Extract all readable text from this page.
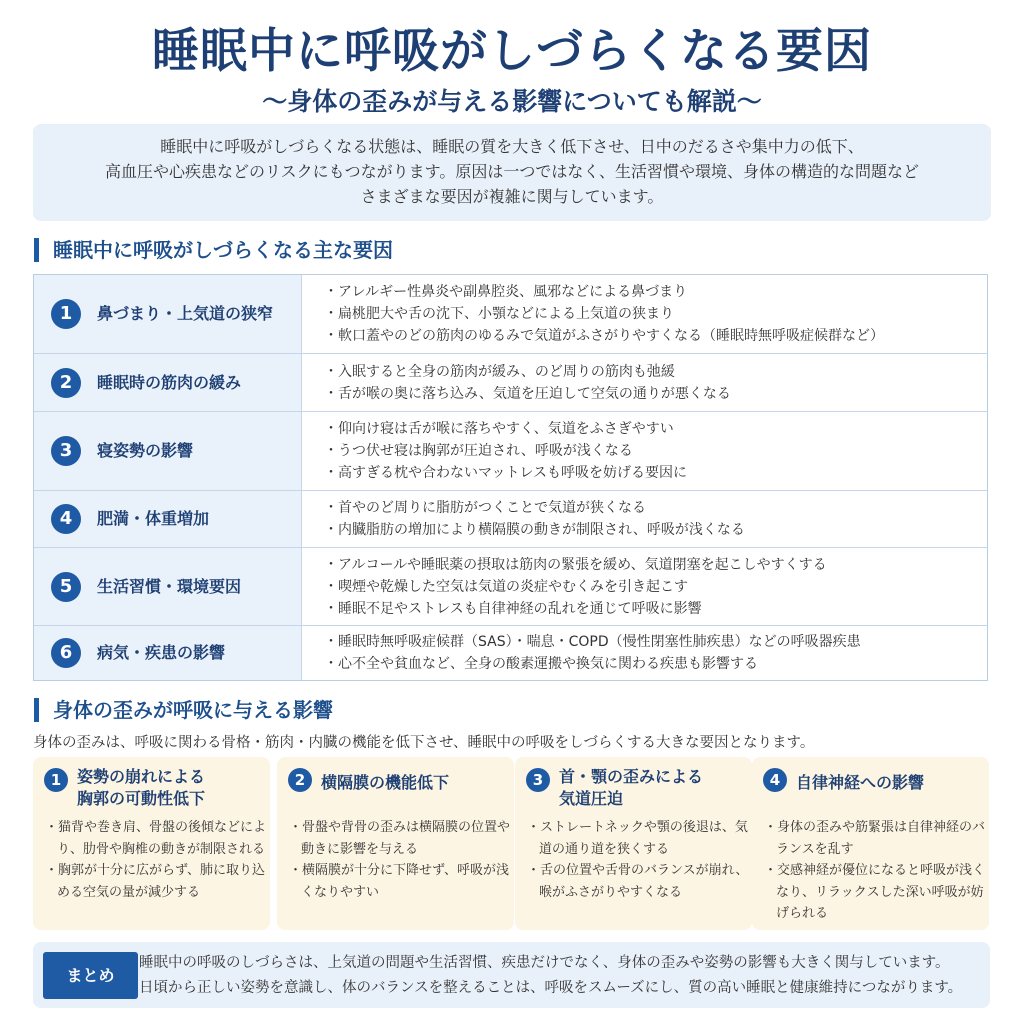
睡眠中に呼吸がしづらくなる要因
〜身体の歪みが与える影響についても解説〜
睡眠中に呼吸がしづらくなる状態は、睡眠の質を大きく低下させ、日中のだるさや集中力の低下、
高血圧や心疾患などのリスクにもつながります。原因は一つではなく、生活習慣や環境、身体の構造的な問題など
さまざまな要因が複雑に関与しています。
睡眠中に呼吸がしづらくなる主な要因
1	鼻づまり・上気道の狭窄
・アレルギー性鼻炎や副鼻腔炎、風邪などによる鼻づまり
・扁桃肥大や舌の沈下、小顎などによる上気道の狭まり
・軟口蓋やのどの筋肉のゆるみで気道がふさがりやすくなる（睡眠時無呼吸症候群など）
2	睡眠時の筋肉の緩み
・入眠すると全身の筋肉が緩み、のど周りの筋肉も弛緩
・舌が喉の奥に落ち込み、気道を圧迫して空気の通りが悪くなる
3	寝姿勢の影響
・仰向け寝は舌が喉に落ちやすく、気道をふさぎやすい
・うつ伏せ寝は胸郭が圧迫され、呼吸が浅くなる
・高すぎる枕や合わないマットレスも呼吸を妨げる要因に
4	肥満・体重増加
・首やのど周りに脂肪がつくことで気道が狭くなる
・内臓脂肪の増加により横隔膜の動きが制限され、呼吸が浅くなる
5	生活習慣・環境要因
・アルコールや睡眠薬の摂取は筋肉の緊張を緩め、気道閉塞を起こしやすくする
・喫煙や乾燥した空気は気道の炎症やむくみを引き起こす
・睡眠不足やストレスも自律神経の乱れを通じて呼吸に影響
6	病気・疾患の影響
・睡眠時無呼吸症候群（SAS）・喘息・COPD（慢性閉塞性肺疾患）などの呼吸器疾患
・心不全や貧血など、全身の酸素運搬や換気に関わる疾患も影響する
身体の歪みが呼吸に与える影響
身体の歪みは、呼吸に関わる骨格・筋肉・内臓の機能を低下させ、睡眠中の呼吸をしづらくする大きな要因となります。
1 姿勢の崩れによる
胸郭の可動性低下
・猫背や巻き肩、骨盤の後傾などにより、肋骨や胸椎の動きが制限される
・胸郭が十分に広がらず、肺に取り込める空気の量が減少する
2 横隔膜の機能低下
・骨盤や背骨の歪みは横隔膜の位置や動きに影響を与える
・横隔膜が十分に下降せず、呼吸が浅くなりやすい
3 首・顎の歪みによる
気道圧迫
・ストレートネックや顎の後退は、気道の通り道を狭くする
・舌の位置や舌骨のバランスが崩れ、喉がふさがりやすくなる
4 自律神経への影響
・身体の歪みや筋緊張は自律神経のバランスを乱す
・交感神経が優位になると呼吸が浅くなり、リラックスした深い呼吸が妨げられる
まとめ
睡眠中の呼吸のしづらさは、上気道の問題や生活習慣、疾患だけでなく、身体の歪みや姿勢の影響も大きく関与しています。
日頃から正しい姿勢を意識し、体のバランスを整えることは、呼吸をスムーズにし、質の高い睡眠と健康維持につながります。
